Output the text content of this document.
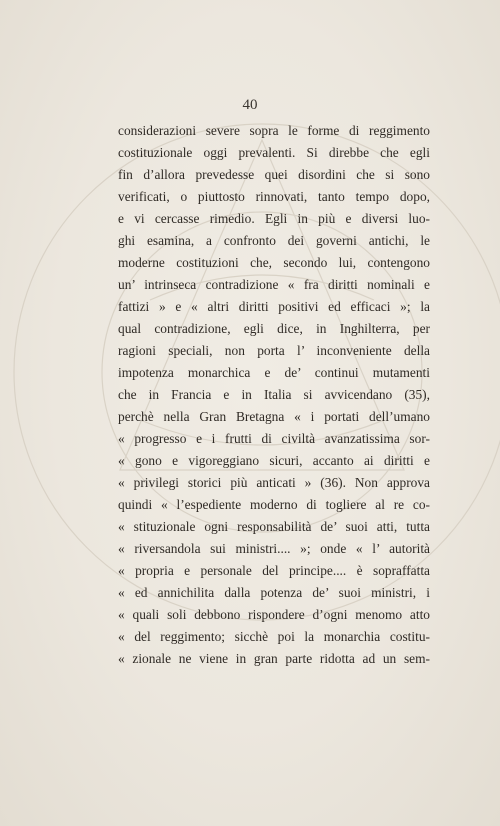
40
considerazioni severe sopra le forme di reggimento
costituzionale oggi prevalenti. Si direbbe che egli
fin d’allora prevedesse quei disordini che si sono
verificati, o piuttosto rinnovati, tanto tempo dopo,
e vi cercasse rimedio. Egli in più e diversi luo-
ghi esamina, a confronto dei governi antichi, le
moderne costituzioni che, secondo lui, contengono
un’ intrinseca contradizione « fra diritti nominali e
fattizi » e « altri diritti positivi ed efficaci »; la
qual contradizione, egli dice, in Inghilterra, per
ragioni speciali, non porta l’ inconveniente della
impotenza monarchica e de’ continui mutamenti
che in Francia e in Italia si avvicendano (35),
perchè nella Gran Bretagna « i portati dell’umano
« progresso e i frutti di civiltà avanzatissima sor-
« gono e vigoreggiano sicuri, accanto ai diritti e
« privilegi storici più anticati » (36). Non approva
quindi « l’espediente moderno di togliere al re co-
« stituzionale ogni responsabilità de’ suoi atti, tutta
« riversandola sui ministri.... »; onde « l’ autorità
« propria e personale del principe.... è sopraffatta
« ed annichilita dalla potenza de’ suoi ministri, i
« quali soli debbono rispondere d’ogni menomo atto
« del reggimento; sicchè poi la monarchia costitu-
« zionale ne viene in gran parte ridotta ad un sem-
